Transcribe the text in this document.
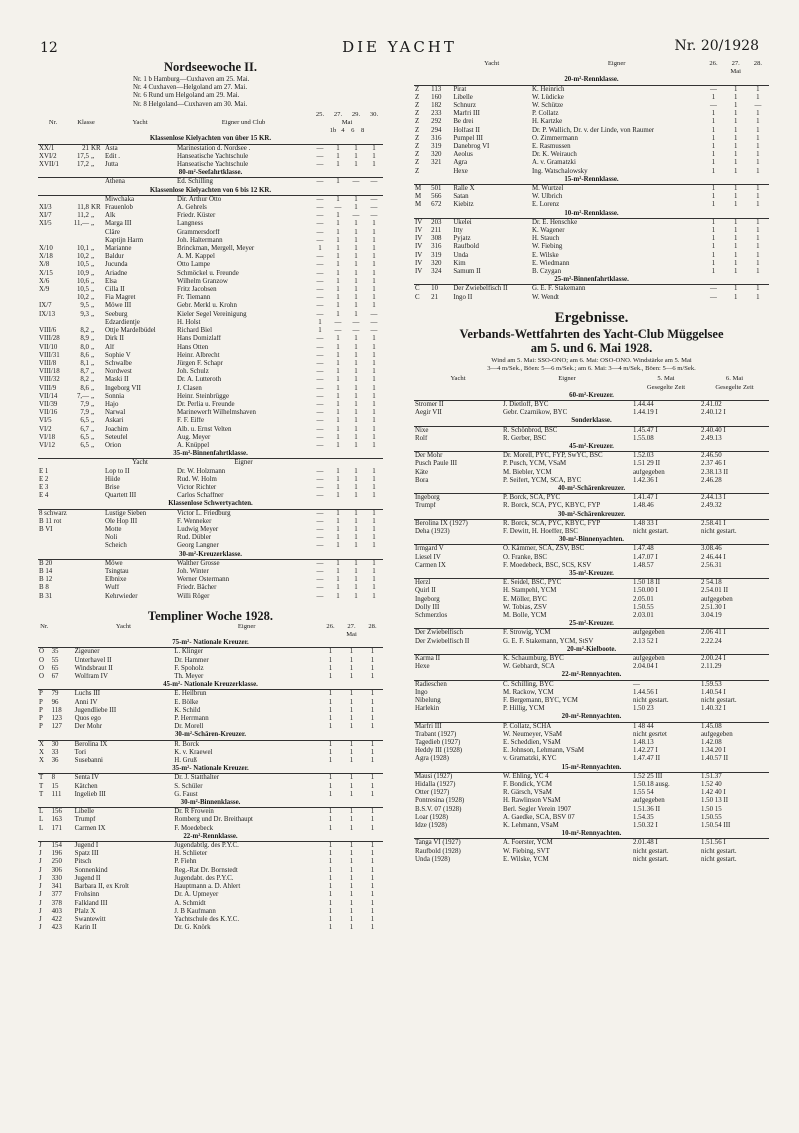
12	DIE YACHT	Nr. 20/1928
Nordseewoche II.
Nr. 1 b Hamburg—Cuxhaven am 25. Mai.
Nr. 4 Cuxhaven—Helgoland am 27. Mai.
Nr. 6 Rund um Helgoland am 29. Mai.
Nr. 8 Helgoland—Cuxhaven am 30. Mai.
					25.	27.	29.	30.
Nr.	Klasse		Yacht	Eigner und Club	Mai
1b 4 6 8			
Klassenlose Kielyachten von über 15 KR.								
XX/1	21	KR	Asta	Marinestation d. Nordsee .	—	1	1	1
XVI/2	17,5	„	Edit .	Hanseatische Yachtschule	—	1	1	1
XVII/1	17,2	„	Jutta	Hanseatische Yachtschule	—	1	1	1
80-m²-Seefahrtklasse.								
			Athena	Ed. Schilling	—	1	—	—
Klassenlose Kielyachten von 6 bis 12 KR.								
			Miwchaka	Dir. Arthur Otto	—	1	1	—
XI/3	11,8	KR	Frauenlob	A. Gehrels	—	—	1	—
XI/7	11,2	„	Alk	Friedr. Küster	—	1	—	—
XI/5	11,—	„	Marga III	Langness	—	1	1	1
			Cläre	Grammersdorff	—	1	1	1
			Kaptijn Harm	Joh. Haltermann	—	1	1	1
X/10	10,1	„	Marianne	Brinckman, Mergell, Meyer	1	1	1	1
X/18	10,2	„	Baldur	A. M. Kappel	—	1	1	1
X/8	10,5	„	Jucunda	Otto Lampe	—	1	1	1
X/15	10,9	„	Ariadne	Schmöckel u. Freunde	—	1	1	1
X/6	10,6	„	Elsa	Wilhelm Granzow	—	1	1	1
X/9	10,5	„	Cilla II	Fritz Jacobsen	—	1	1	1
	10,2	„	Fia Magret	Fr. Tiemann	—	1	1	1
IX/7	9,5	„	Möwe III	Gebr. Merkl u. Krohn	—	1	1	1
IX/13	9,3	„	Seeburg	Kieler Segel Vereinigung	—	1	1	—
			Edzardientje	H. Holst	1	—	—	—
VIII/6	8,2	„	Ottje Mardelbüdel	Richard Biel	1	—	—	—
VIII/28	8,9	„	Dirk II	Hans Domizlaff	—	1	1	1
VII/10	8,0	„	Alf	Hans Otten	—	1	1	1
VIII/31	8,6	„	Sophie V	Heinr. Albrecht	—	1	1	1
VIII/8	8,1	„	Schwalbe	Jürgen F. Schapr	—	1	1	1
VIII/18	8,7	„	Nordwest	Joh. Schulz	—	1	1	1
VIII/32	8,2	„	Maski II	Dr. A. Lutteroth	—	1	1	1
VIII/9	8,6	„	Ingeborg VII	J. Clasen	—	1	1	1
VII/14	7,—	„	Sonnia	Heinr. Steinbrügge	—	1	1	1
VII/39	7,9	„	Hajo	Dr. Perlia u. Freunde	—	1	1	1
VII/16	7,9	„	Narwal	Marinewerft Wilhelmshaven	—	1	1	1
VI/5	6,5	„	Askari	F. F. Eiffe	—	1	1	1
VI/2	6,7	„	Joachim	Alb. u. Ernst Velten	—	1	1	1
VI/18	6,5	„	Seteufel	Aug. Meyer	—	1	1	1
VI/12	6,5	„	Orion	A. Knüppel	—	1	1	1
35-m²-Binnenfahrtklasse.								
			Yacht	Eigner				
E 1			Lop to II	Dr. W. Holzmann	—	1	1	1
E 2			Hiide	Rud. W. Holm	—	1	1	1
E 3			Brise	Victor Richter	—	1	1	1
E 4			Quartett III	Carlos Schaffner	—	1	1	1
Klassenlose Schwertyachten.								
8 schwarz			Lustige Sieben	Victor L. Friedburg	—	1	1	1
B 11 rot			Ole Hop III	F. Wenneker	—	1	1	1
B VI			Motte	Ludwig Meyer	—	1	1	1
			Noli	Rud. Dübler	—	1	1	1
			Scheich	Georg Langner	—	1	1	1
30-m²-Kreuzerklasse.								
B 20			Möwe	Walther Grosse	—	1	1	1
B 14			Tsingtau	Joh. Winter	—	1	1	1
B 12			Elbnixe	Werner Ostermann	—	1	1	1
B 8			Wuff	Friedr. Bächer	—	1	1	1
B 31			Kehrwieder	Willi Röger	—	1	1	1
Templiner Woche 1928.
Nr.		Yacht	Eigner	26.	27.
Mai	28.
75-m²- Nationale Kreuzer.						
O	35	Zigeuner	L. Klinger	1	1	1
O	55	Unterhavel II	Dr. Hammer	1	1	1
O	65	Windsbraut II	F. Spoholz	1	1	1
O	67	Wolfram IV	Th. Meyer	1	1	1
45-m²- Nationale Kreuzerklasse.						
P	79	Luchs III	E. Heilbrun	1	1	1
P	96	Anni IV	E. Bölke	1	1	1
P	118	Jugendliebe III	K. Schild	1	1	1
P	123	Quos ego	P. Herrmann	1	1	1
P	127	Der Mohr	Dr. Morell	1	1	1
30-m²-Schären-Kreuzer.						
X	30	Berolina IX	R. Borck	1	1	1
X	33	Tori	K. v. Kraewel	1	1	1
X	36	Susebanni	H. Gruß	1	1	1
35-m²- Nationale Kreuzer.						
T	8	Senta IV	Dr. J. Statthalter	1	1	1
T	15	Kätchen	S. Schüler	1	1	1
T	111	Ingelieb III	G. Faust	1	1	1
30-m²-Binnenklasse.						
L	156	Libelle	Dr. R Frowein	1	1	1
L	163	Trumpf	Romberg und Dr. Breithaupt	1	1	1
L	171	Carmen IX	F. Moedebeck	1	1	1
22-m²-Rennklasse.						
J	154	Jugend I	Jugendabtlg. des P.Y.C.	1	1	1
J	196	Spatz III	H. Schlieter	1	1	1
J	250	Pitsch	P. Fiehn	1	1	1
J	306	Sonnenkind	Reg.-Rat Dr. Bornstedt	1	1	1
J	330	Jugend II	Jugendabt. des P.Y.C.	1	1	1
J	341	Barbara II, ex Krolt	Hauptmann a. D. Ahlert	1	1	1
J	377	Frohsinn	Dr. A. Upmeyer	1	1	1
J	378	Falkland III	A. Schmidt	1	1	1
J	403	Pfalz X	J. B Kaufmann	1	1	1
J	422	Swantewitt	Yachtschule des K.Y.C.	1	1	1
J	423	Karin II	Dr. G. Knörk	1	1	1
		Yacht	Eigner	26.	27.
Mai	28.
20-m²-Rennklasse.						
Z	113	Pirat	K. Heinrich	—	1	1
Z	160	Libelle	W. Lüdicke	1	1	1
Z	182	Schnurz	W. Schütze	—	1	—
Z	233	Marfri III	P. Collatz	1	1	1
Z	292	Be drei	H. Kartzke	1	1	1
Z	294	Holfast II	Dr. P. Wallich, Dr. v. der Linde, von Raumer	1	1	1
Z	316	Pumpel III	O. Zimmermann	1	1	1
Z	319	Danebrog VI	E. Rasmussen	1	1	1
Z	320	Aeolus	Dr. K. Weirauch	1	1	1
Z	321	Agra	A. v. Gramatzki	1	1	1
Z		Hexe	Ing. Watschalowsky	1	1	1
15-m²-Rennklasse.						
M	501	Ralle X	M. Wurtzel	1	1	1
M	566	Satan	W. Ulbrich	1	1	1
M	672	Kiebitz	E. Lorenz	1	1	1
10-m²-Rennklasse.						
IV	203	Ukelei	Dr. E. Henschke	1	1	1
IV	211	Itty	K. Wagener	1	1	1
IV	308	Pyjatz	H. Stauch	1	1	1
IV	316	Raufbold	W. Fiebing	1	1	1
IV	319	Unda	E. Wilske	1	1	1
IV	320	Kim	E. Wiedmann	1	1	1
IV	324	Samum II	B. Czygan	1	1	1
25-m²-Binnenfahrtklasse.						
C	10	Der Zwiebelfisch II	G. E. F. Stakemann	—	1	1
C	21	Ingo II	W. Wendt	—	1	1
Ergebnisse.
Verbands-Wettfahrten des Yacht-Club Müggelsee
am 5. und 6. Mai 1928.
Wind am 5. Mai: SSO-ONO; am 6. Mai: OSO-ONO. Windstärke am 5. Mai
3—4 m/Sek., Böen: 5—6 m/Sek.; am 6. Mai: 3—4 m/Sek., Böen: 5—6 m/Sek.
Yacht	Eigner	5. Mai
Gesegelte Zeit	6. Mai
Gesegelte Zeit
60-m²-Kreuzer.			
Stromer II	J. Dietloff, BYC	1.44.44	2.41.02
Aegir VII	Gebr. Czarnikow, BYC	1.44.19 I	2.40.12 I
Sonderklasse.			
Nixe	R. Schönbrod, BSC	1.45.47 I	2.40.40 I
Rolf	R. Gerber, BSC	1.55.08	2.49.13
45-m²-Kreuzer.			
Der Mohr	Dr. Morell, PYC, FYP, SwYC, BSC	1.52.03	2.46.50
Pusch Paule III	P. Pusch, YCM, VSaM	1.51 29 II	2.37 46 I
Käte	M. Biebler, YCM	aufgegeben	2.38.13 II
Bora	P. Seifert, YCM, SCA, BYC	1.42.36 I	2.46.28
40-m²-Schärenkreuzer.			
Ingeborg	P. Borck, SCA, PYC	1.41.47 I	2.44.13 I
Trumpf	R. Borck, SCA, PYC, KBYC, FYP	1.48.46	2.49.32
30-m²-Schärenkreuzer.			
Berolina IX (1927)	R. Borck, SCA, PYC, KBYC, FYP	1.48 33 I	2.58.41 I
Deha (1923)	F. Dewitt, H. Hoeffer, BSC	nicht gestart.	nicht gestart.
30-m²-Binnenyachten.			
Irmgard V	O. Kämmer, SCA, ZSV, BSC	1.47.48	3.08.46
Liesel IV	O. Franke, BSC	1.47.07 I	2 46.44 I
Carmen IX	F. Moedebeck, BSC, SCS, KSV	1.48.57	2.56.31
35-m²-Kreuzer.			
Herzl	E. Seidel, BSC, PYC	1.50 18 II	2 54.18
Quirl II	H. Stampehl, YCM	1.50.00 I	2.54.01 II
Ingeborg	E. Möller, BYC	2.05.01	aufgegeben
Dolly III	W. Tobias, ZSV	1.50.55	2.51.30 I
Schmerzlos	M. Bolle, YCM	2.03.01	3.04.19
25-m²-Kreuzer.			
Der Zwiebelfisch	F. Strowig, YCM	aufgegeben	2.06 41 I
Der Zwiebelfisch II	G. E. F. Stakemann, YCM, StSV	2.13 52 I	2.22.24
20-m²-Kielboote.			
Karma II	K. Schaumburg, BYC	aufgegeben	2.00.24 I
Hexe	W. Gebhardt, SCA	2.04.04 I	2.11.29
22-m²-Rennyachten.			
Radieschen	C. Schilling, BYC	—	1.59.53
Ingo	M. Rackow, YCM	1.44.56 I	1.40.54 I
Nibelung	F. Bergemann, BYC, YCM	nicht gestart.	nicht gestart.
Harlekin	P. Hillig, YCM	1.50 23	1.40.32 I
20-m²-Rennyachten.			
Marfri III	P. Collatz, SCHA	1 48 44	1.45.08
Trabant (1927)	W. Neumeyer, VSaM	nicht gesrtet	aufgegeben
Tagedieb (1927)	E. Scheddien, VSaM	1.48.13	1.42.08
Heddy III (1928)	E. Johnson, Lehmann, VSaM	1.42.27 I	1.34.20 I
Agra (1928)	v. Gramatzki, KYC	1.47.47 II	1.40.57 II
15-m²-Rennyachten.			
Mausi (1927)	W. Ehling, YC 4	1.52 25 III	1.51.37
Hidalla (1927)	F. Bondick, YCM	1.50.18 ausg.	1.52 40
Otter (1927)	R. Gärsch, VSaM	1.55 54	1.42 40 I
Pontresina (1928)	H. Rawlinson VSaM	aufgegeben	1.50 13 II
B.S.V. 07 (1928)	Berl. Segler Verein 1907	1.51.36 II	1.50 15
Loar (1928)	A. Gaedke, SCA, BSV 07	1.54.35	1.50.55
Idze (1928)	K. Lehmann, VSaM	1.50.32 I	1.50.54 III
10-m²-Rennyachten.			
Tanga VI (1927)	A. Foerster, YCM	2.01.48 I	1.51.56 I
Raufbold (1928)	W. Fiebing, SVT	nicht gestart.	nicht gestart.
Unda (1928)	E. Wilske, YCM	nicht gestart.	nicht gestart.
